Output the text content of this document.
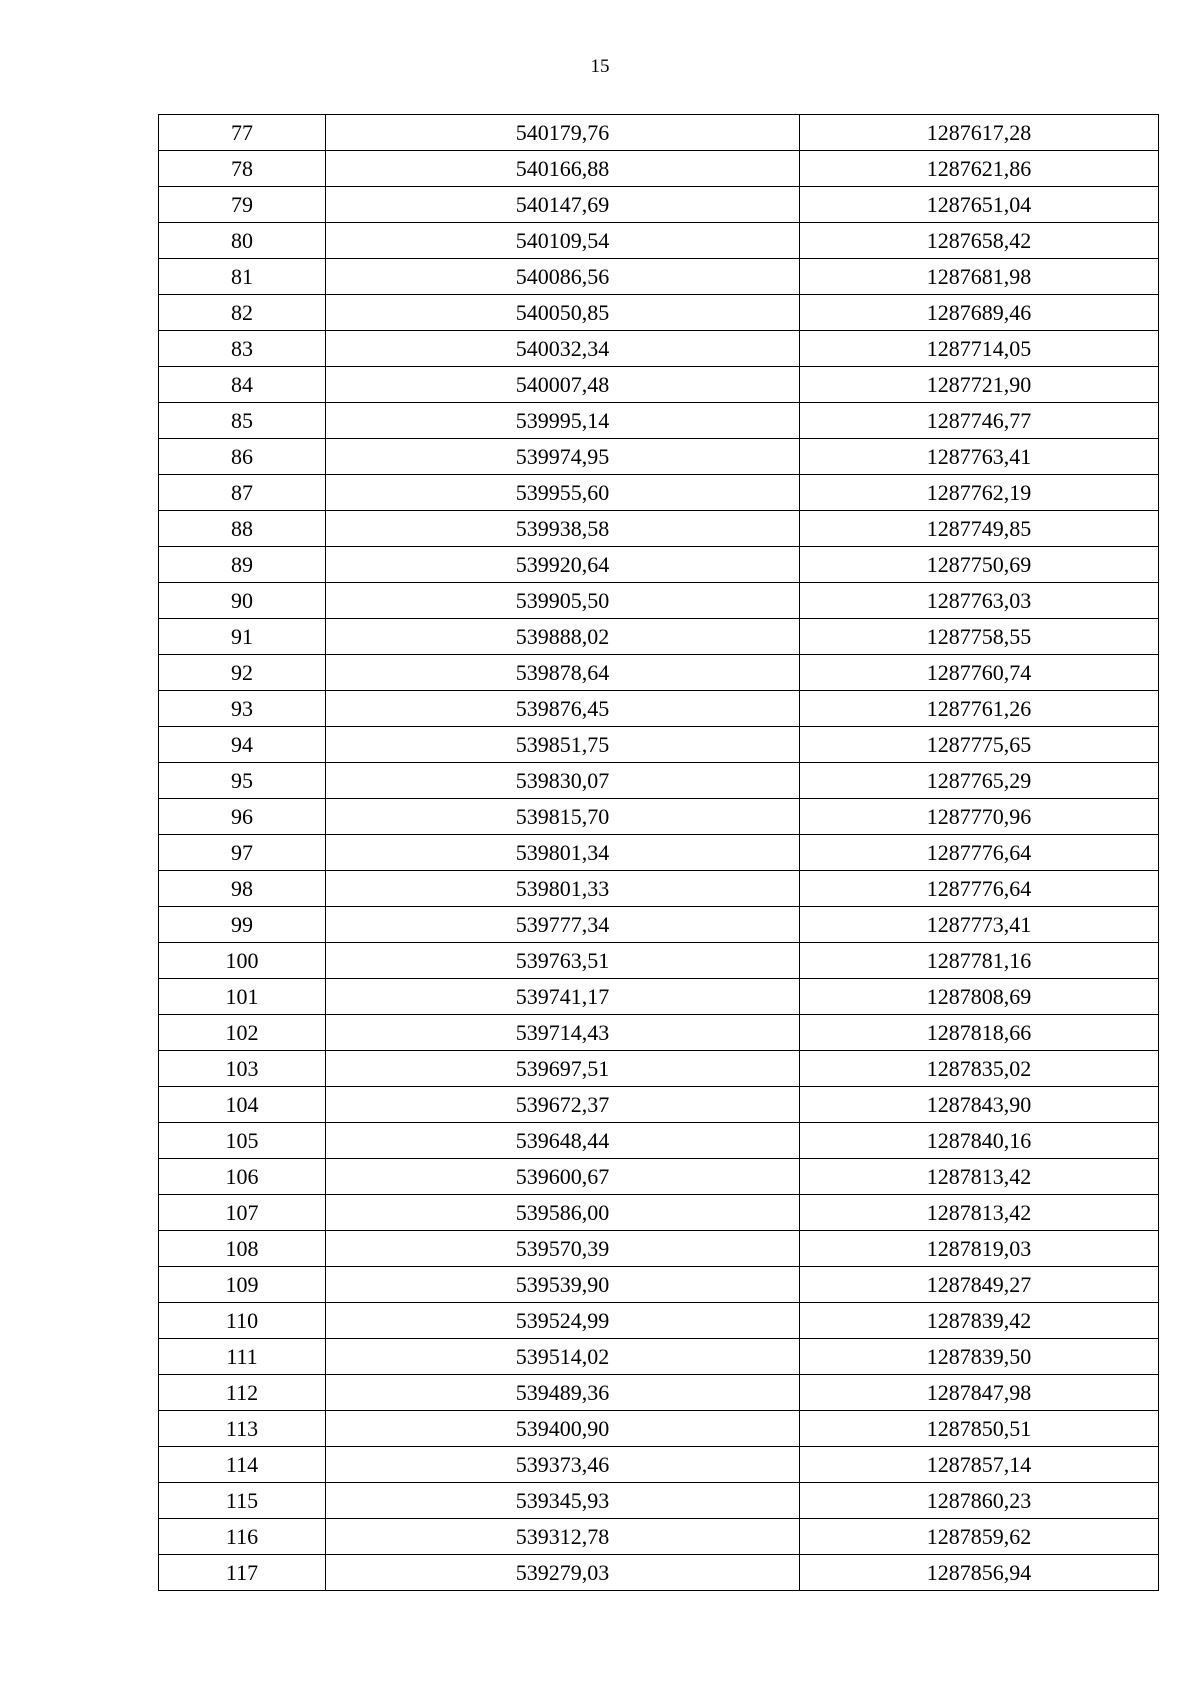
15
77	540179,76	1287617,28
78	540166,88	1287621,86
79	540147,69	1287651,04
80	540109,54	1287658,42
81	540086,56	1287681,98
82	540050,85	1287689,46
83	540032,34	1287714,05
84	540007,48	1287721,90
85	539995,14	1287746,77
86	539974,95	1287763,41
87	539955,60	1287762,19
88	539938,58	1287749,85
89	539920,64	1287750,69
90	539905,50	1287763,03
91	539888,02	1287758,55
92	539878,64	1287760,74
93	539876,45	1287761,26
94	539851,75	1287775,65
95	539830,07	1287765,29
96	539815,70	1287770,96
97	539801,34	1287776,64
98	539801,33	1287776,64
99	539777,34	1287773,41
100	539763,51	1287781,16
101	539741,17	1287808,69
102	539714,43	1287818,66
103	539697,51	1287835,02
104	539672,37	1287843,90
105	539648,44	1287840,16
106	539600,67	1287813,42
107	539586,00	1287813,42
108	539570,39	1287819,03
109	539539,90	1287849,27
110	539524,99	1287839,42
111	539514,02	1287839,50
112	539489,36	1287847,98
113	539400,90	1287850,51
114	539373,46	1287857,14
115	539345,93	1287860,23
116	539312,78	1287859,62
117	539279,03	1287856,94
